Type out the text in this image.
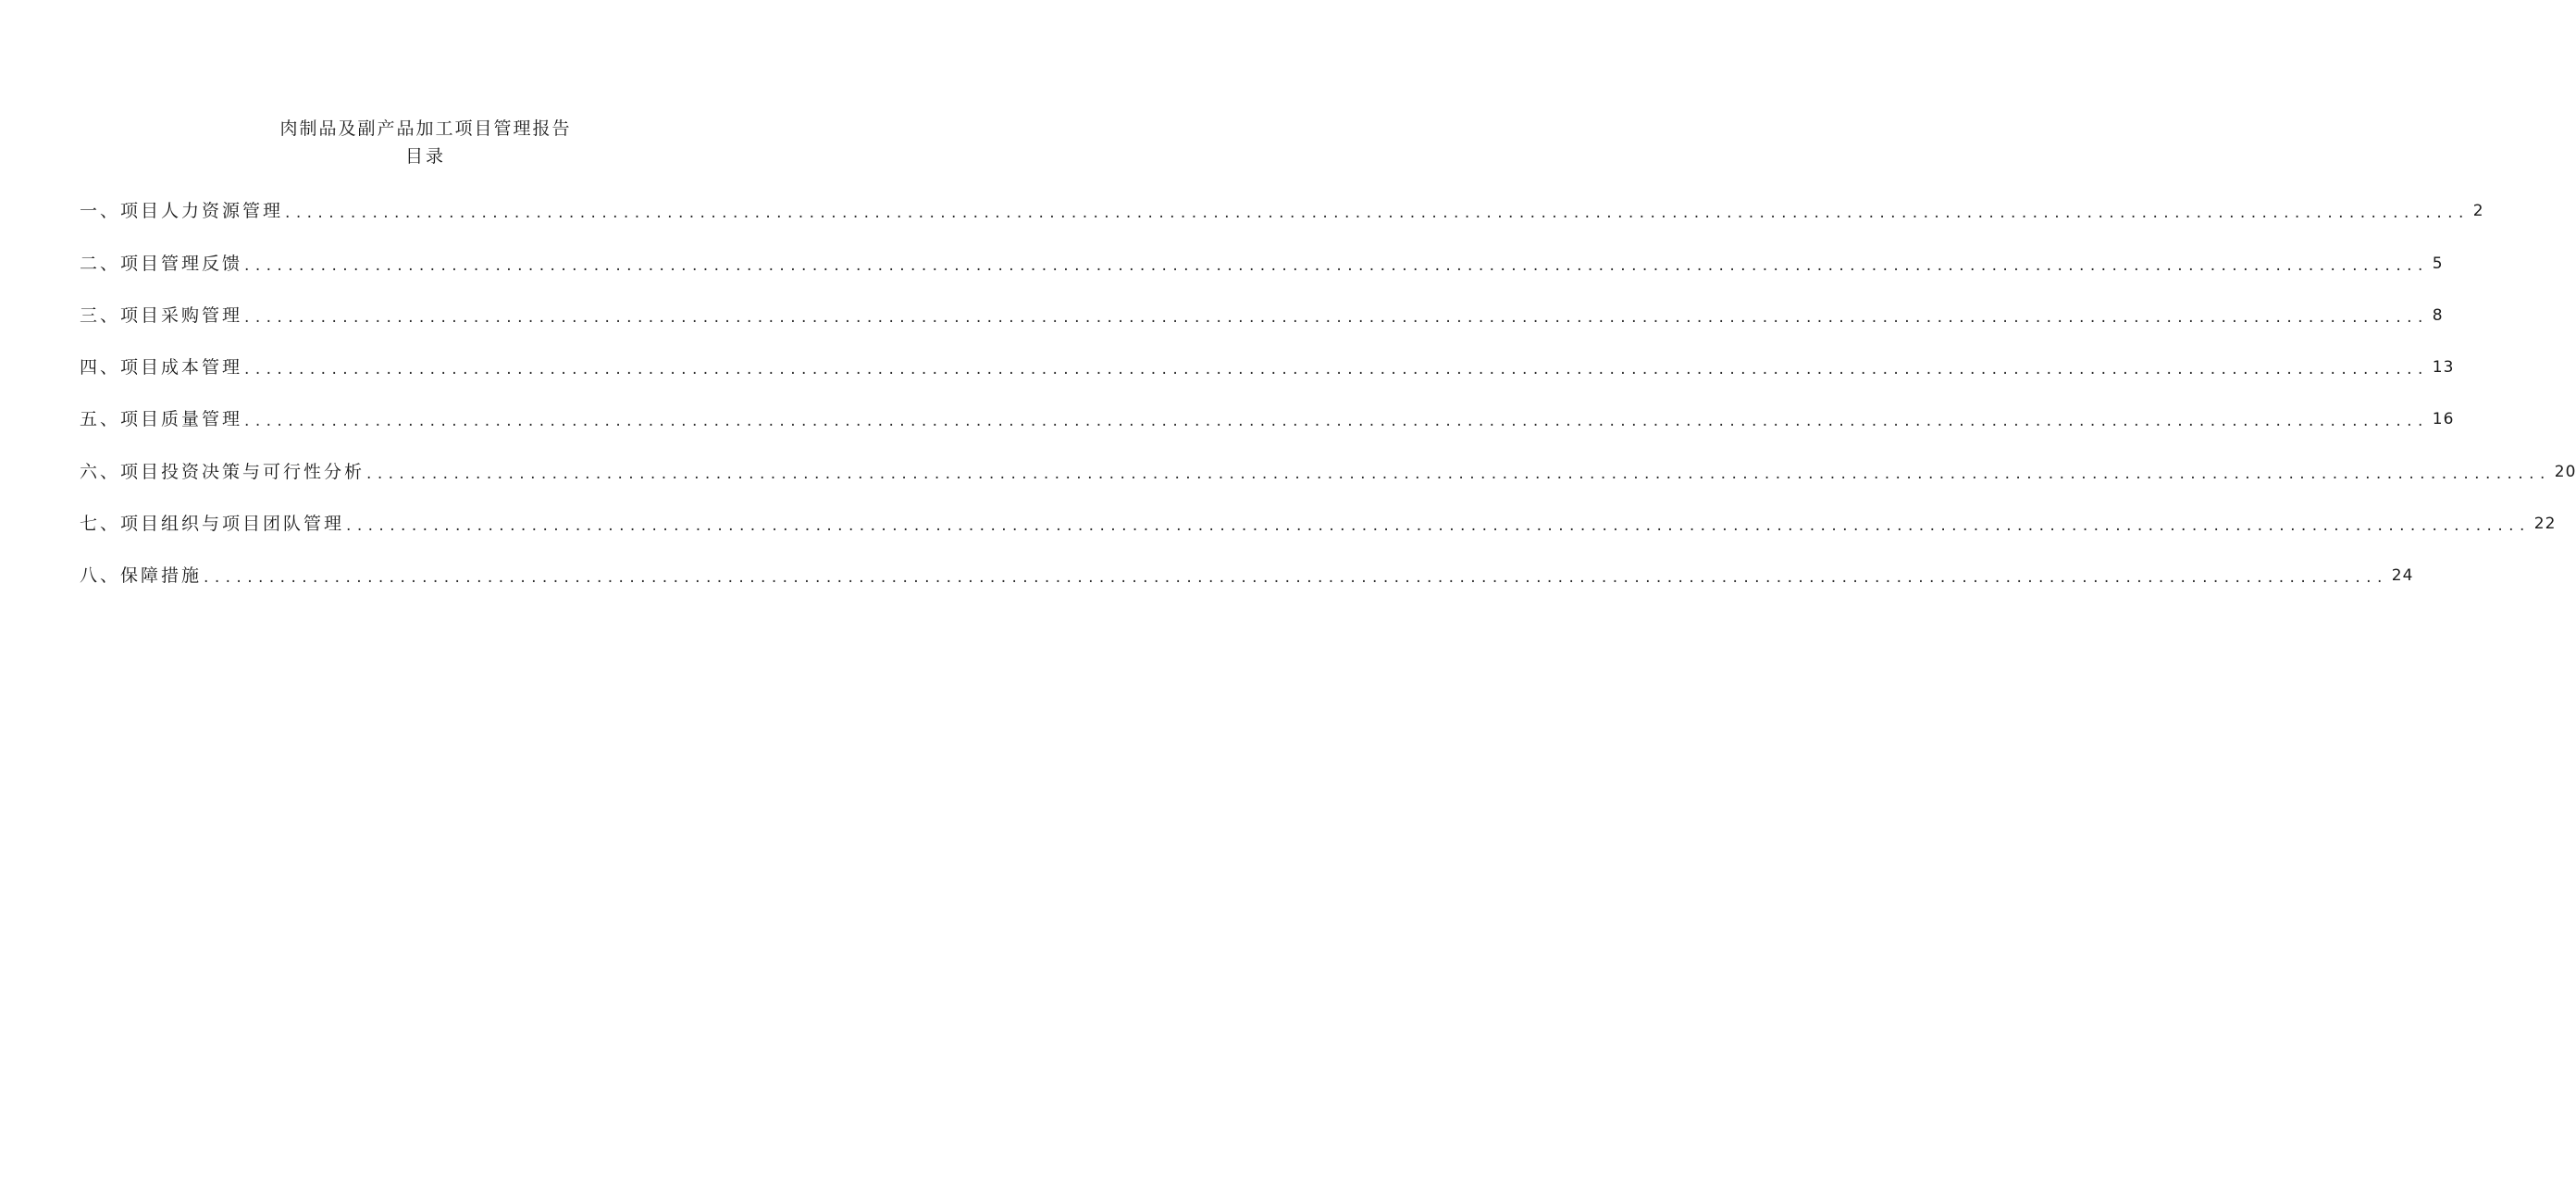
肉制品及副产品加工项目管理报告
目录
一、项目人力资源管理 ........................................................................................................................................................................................................ 2
二、项目管理反馈 ........................................................................................................................................................................................................ 5
三、项目采购管理 ........................................................................................................................................................................................................ 8
四、项目成本管理 ........................................................................................................................................................................................................ 13
五、项目质量管理 ........................................................................................................................................................................................................ 16
六、项目投资决策与可行性分析 ........................................................................................................................................................................................................ 20
七、项目组织与项目团队管理 ........................................................................................................................................................................................................ 22
八、保障措施 ........................................................................................................................................................................................................ 24
